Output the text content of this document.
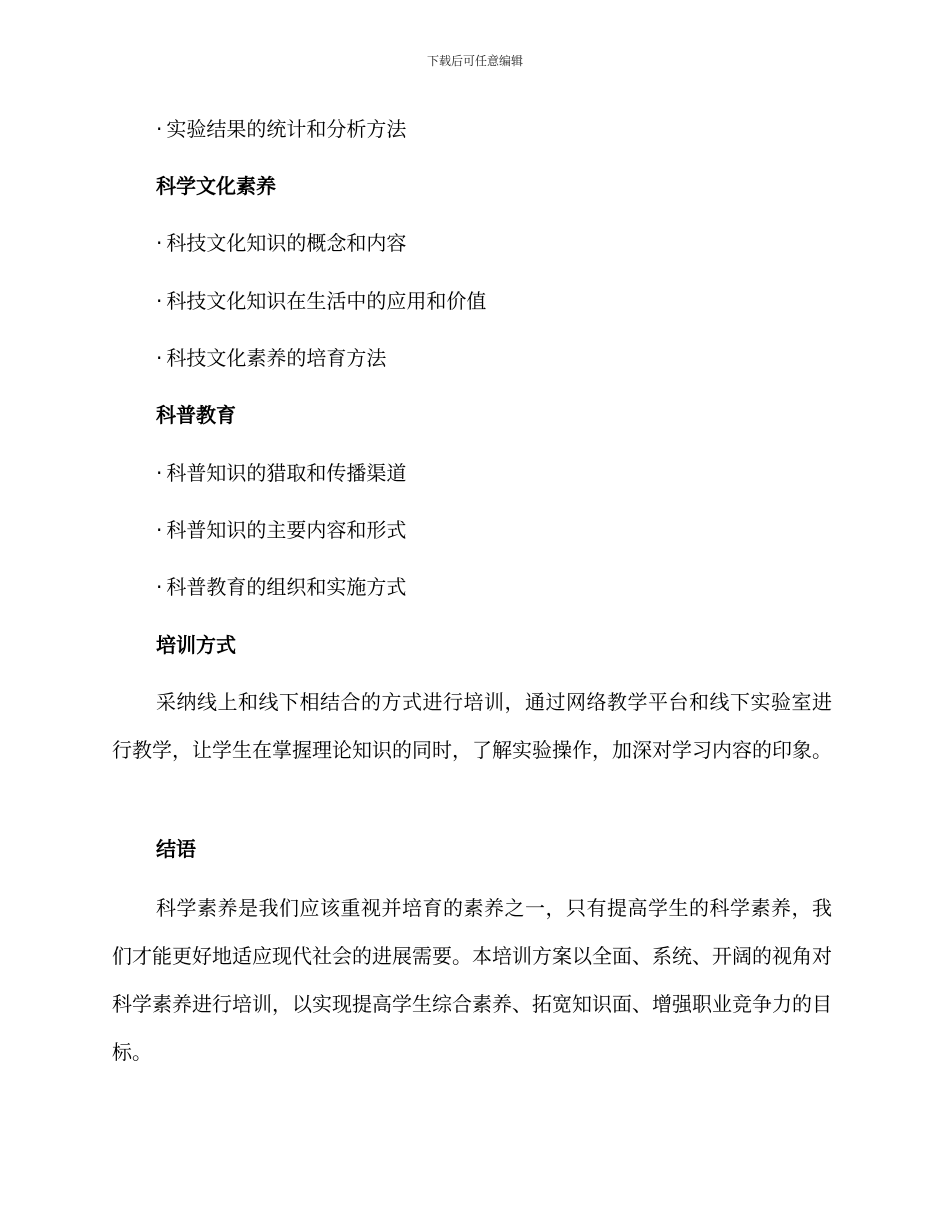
下载后可任意编辑
· 实验结果的统计和分析方法
科学文化素养
· 科技文化知识的概念和内容
· 科技文化知识在生活中的应用和价值
· 科技文化素养的培育方法
科普教育
· 科普知识的猎取和传播渠道
· 科普知识的主要内容和形式
· 科普教育的组织和实施方式
培训方式
采纳线上和线下相结合的方式进行培训，通过网络教学平台和线下实验室进行教学，让学生在掌握理论知识的同时，了解实验操作，加深对学习内容的印象。
结语
科学素养是我们应该重视并培育的素养之一，只有提高学生的科学素养，我们才能更好地适应现代社会的进展需要。本培训方案以全面、系统、开阔的视角对科学素养进行培训，以实现提高学生综合素养、拓宽知识面、增强职业竞争力的目标。
